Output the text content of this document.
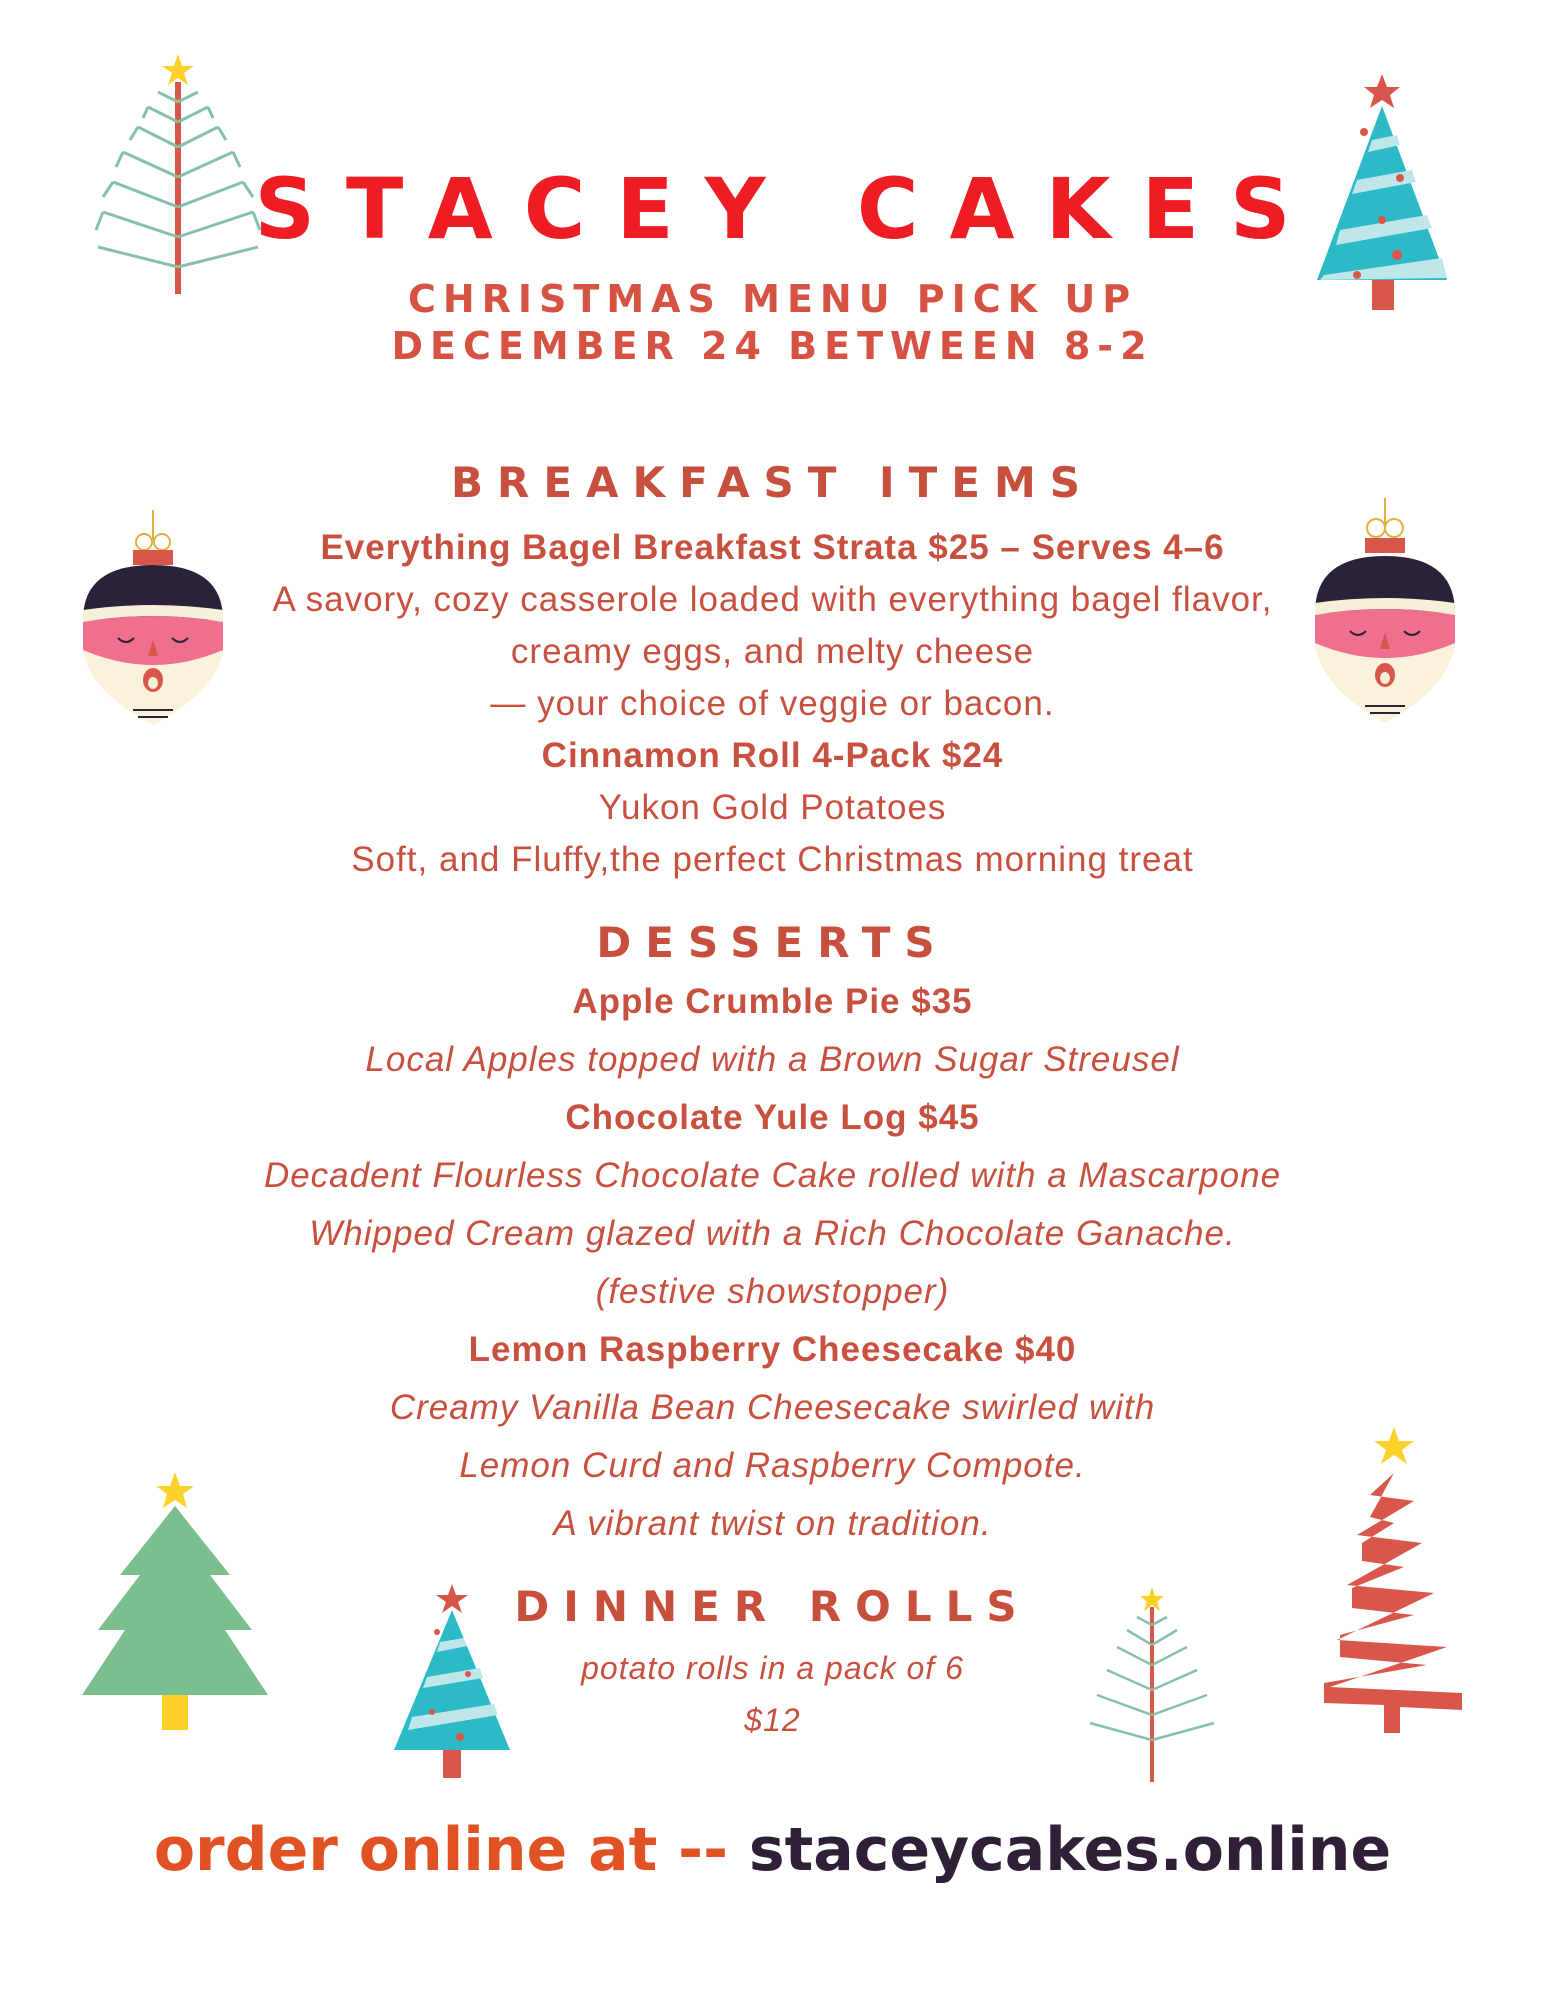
STACEY CAKES
CHRISTMAS MENU PICK UP
DECEMBER 24 BETWEEN 8-2
BREAKFAST ITEMS
Everything Bagel Breakfast Strata $25 – Serves 4–6
A savory, cozy casserole loaded with everything bagel flavor,
creamy eggs, and melty cheese
— your choice of veggie or bacon.
Cinnamon Roll 4-Pack $24
Yukon Gold Potatoes
Soft, and Fluffy,the perfect Christmas morning treat
DESSERTS
Apple Crumble Pie $35
Local Apples topped with a Brown Sugar Streusel
Chocolate Yule Log $45
Decadent Flourless Chocolate Cake rolled with a Mascarpone
Whipped Cream glazed with a Rich Chocolate Ganache.
(festive showstopper)
Lemon Raspberry Cheesecake $40
Creamy Vanilla Bean Cheesecake swirled with
Lemon Curd and Raspberry Compote.
A vibrant twist on tradition.
DINNER ROLLS
potato rolls in a pack of 6
$12
order online at -- staceycakes.online
